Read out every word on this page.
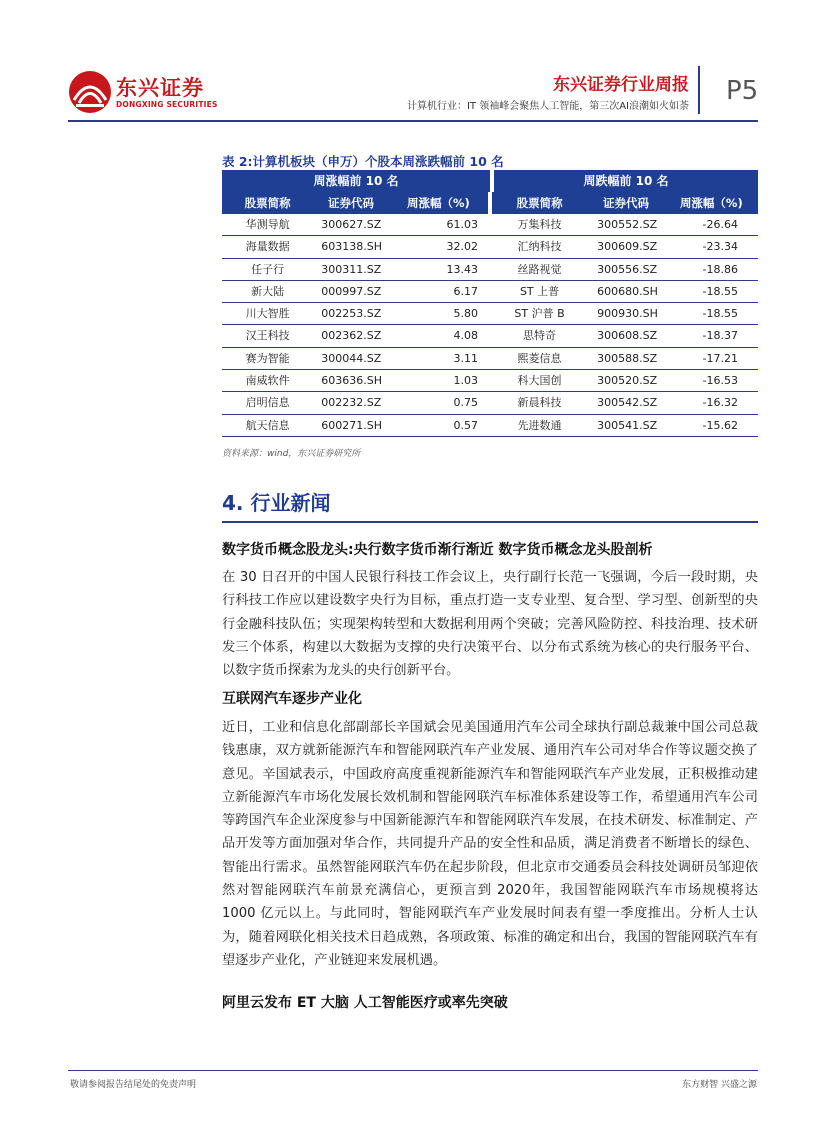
东兴证券
DONGXING SECURITIES
东兴证券行业周报
计算机行业：IT 领袖峰会聚焦人工智能，第三次AI浪潮如火如荼
P5
表 2:计算机板块（申万）个股本周涨跌幅前 10 名
周涨幅前 10 名	周跌幅前 10 名
股票简称	证券代码	周涨幅（%)	股票简称	证券代码	周涨幅（%)
华测导航	300627.SZ	61.03	万集科技	300552.SZ	-26.64
海量数据	603138.SH	32.02	汇纳科技	300609.SZ	-23.34
任子行	300311.SZ	13.43	丝路视觉	300556.SZ	-18.86
新大陆	000997.SZ	6.17	ST 上普	600680.SH	-18.55
川大智胜	002253.SZ	5.80	ST 沪普 B	900930.SH	-18.55
汉王科技	002362.SZ	4.08	思特奇	300608.SZ	-18.37
赛为智能	300044.SZ	3.11	熙菱信息	300588.SZ	-17.21
南威软件	603636.SH	1.03	科大国创	300520.SZ	-16.53
启明信息	002232.SZ	0.75	新晨科技	300542.SZ	-16.32
航天信息	600271.SH	0.57	先进数通	300541.SZ	-15.62
资料来源：wind，东兴证券研究所
4. 行业新闻
数字货币概念股龙头:央行数字货币渐行渐近 数字货币概念龙头股剖析

在 30 日召开的中国人民银行科技工作会议上，央行副行长范一飞强调，今后一段时期，央行科技工作应以建设数字央行为目标，重点打造一支专业型、复合型、学习型、创新型的央行金融科技队伍；实现架构转型和大数据利用两个突破；完善风险防控、科技治理、技术研发三个体系，构建以大数据为支撑的央行决策平台、以分布式系统为核心的央行服务平台、以数字货币探索为龙头的央行创新平台。

互联网汽车逐步产业化

近日，工业和信息化部副部长辛国斌会见美国通用汽车公司全球执行副总裁兼中国公司总裁钱惠康，双方就新能源汽车和智能网联汽车产业发展、通用汽车公司对华合作等议题交换了意见。辛国斌表示，中国政府高度重视新能源汽车和智能网联汽车产业发展，正积极推动建立新能源汽车市场化发展长效机制和智能网联汽车标准体系建设等工作，希望通用汽车公司等跨国汽车企业深度参与中国新能源汽车和智能网联汽车发展，在技术研发、标准制定、产品开发等方面加强对华合作，共同提升产品的安全性和品质，满足消费者不断增长的绿色、智能出行需求。虽然智能网联汽车仍在起步阶段，但北京市交通委员会科技处调研员邹迎依然对智能网联汽车前景充满信心，更预言到 2020年，我国智能网联汽车市场规模将达 1000 亿元以上。与此同时，智能网联汽车产业发展时间表有望一季度推出。分析人士认为，随着网联化相关技术日趋成熟，各项政策、标准的确定和出台，我国的智能网联汽车有望逐步产业化，产业链迎来发展机遇。

阿里云发布 ET 大脑 人工智能医疗或率先突破
敬请参阅报告结尾处的免责声明	东方财智 兴盛之源
